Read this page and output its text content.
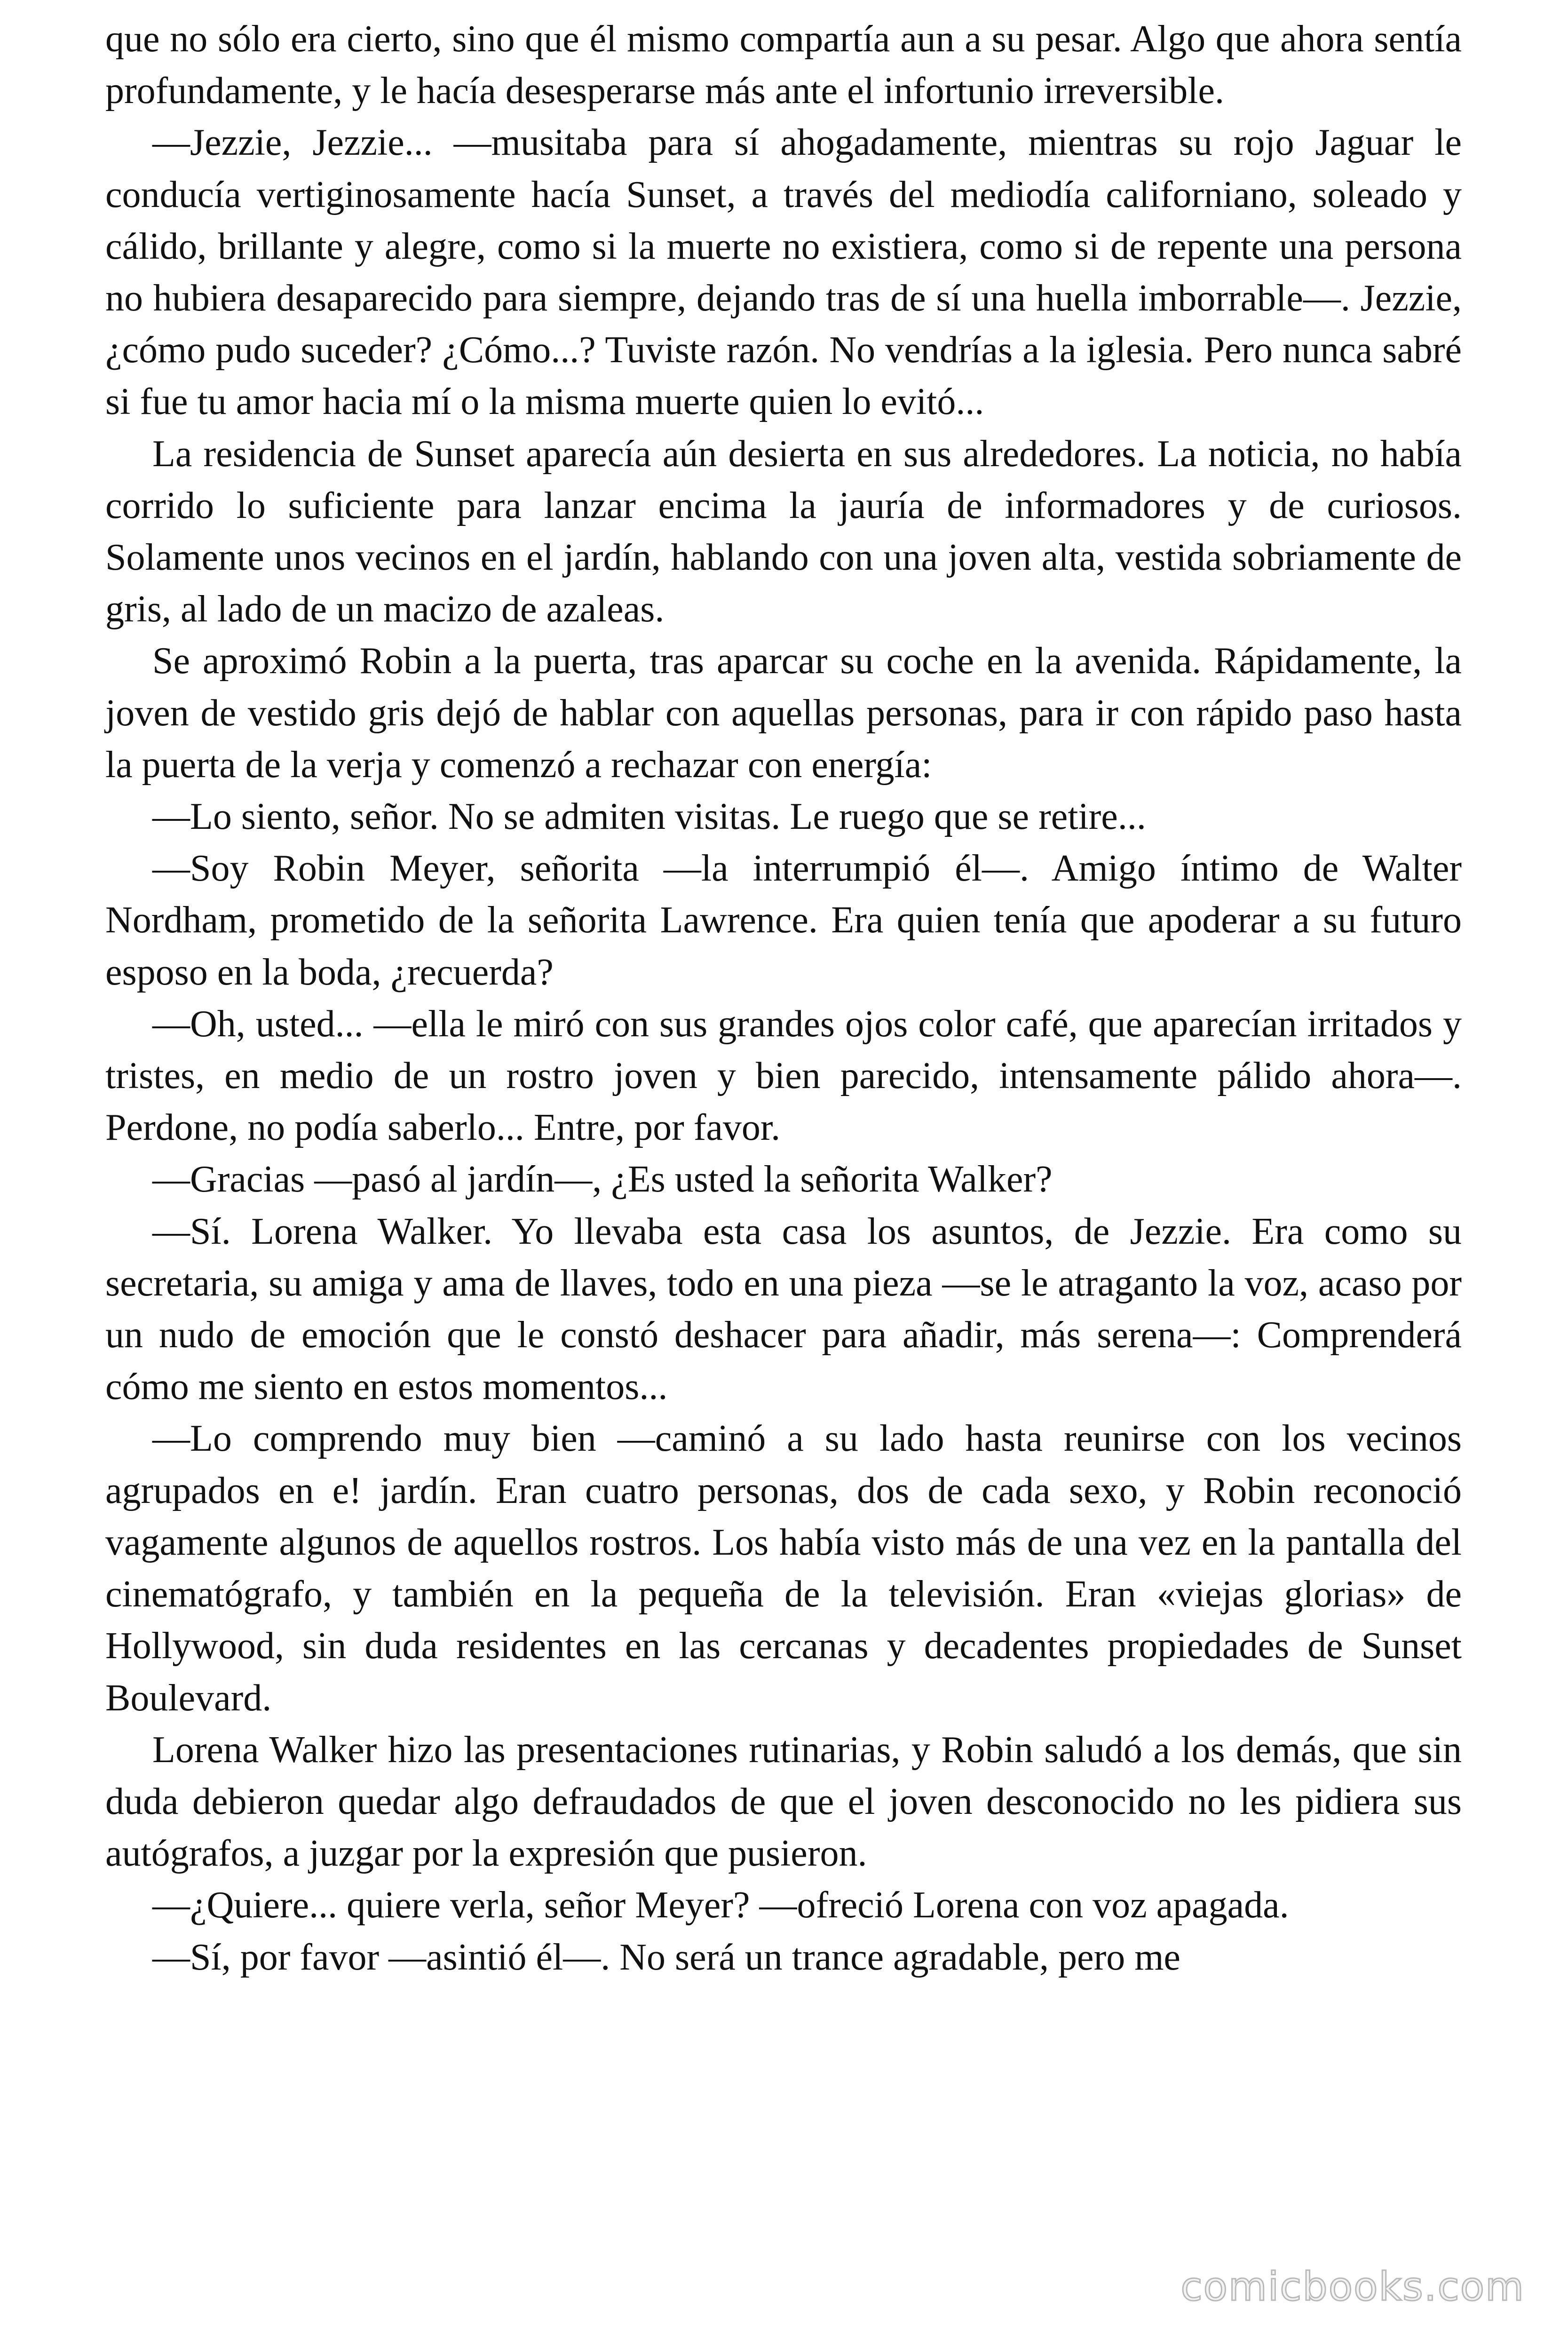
que no sólo era cierto, sino que él mismo compartía aun a su pesar. Algo que ahora sentía profundamente, y le hacía desesperarse más ante el infortunio irreversible.

—Jezzie, Jezzie... —musitaba para sí ahogadamente, mientras su rojo Jaguar le conducía vertiginosamente hacía Sunset, a través del mediodía californiano, soleado y cálido, brillante y alegre, como si la muerte no existiera, como si de repente una persona no hubiera desaparecido para siempre, dejando tras de sí una huella imborrable—. Jezzie, ¿cómo pudo suceder? ¿Cómo...? Tuviste razón. No vendrías a la iglesia. Pero nunca sabré si fue tu amor hacia mí o la misma muerte quien lo evitó...

La residencia de Sunset aparecía aún desierta en sus alrededores. La noticia, no había corrido lo suficiente para lanzar encima la jauría de informadores y de curiosos. Solamente unos vecinos en el jardín, hablando con una joven alta, vestida sobriamente de gris, al lado de un macizo de azaleas.

Se aproximó Robin a la puerta, tras aparcar su coche en la avenida. Rápidamente, la joven de vestido gris dejó de hablar con aquellas personas, para ir con rápido paso hasta la puerta de la verja y comenzó a rechazar con energía:

—Lo siento, señor. No se admiten visitas. Le ruego que se retire...

—Soy Robin Meyer, señorita —la interrumpió él—. Amigo íntimo de Walter Nordham, prometido de la señorita Lawrence. Era quien tenía que apoderar a su futuro esposo en la boda, ¿recuerda?

—Oh, usted... —ella le miró con sus grandes ojos color café, que aparecían irritados y tristes, en medio de un rostro joven y bien parecido, intensamente pálido ahora—. Perdone, no podía saberlo... Entre, por favor.

—Gracias —pasó al jardín—, ¿Es usted la señorita Walker?

—Sí. Lorena Walker. Yo llevaba esta casa los asuntos, de Jezzie. Era como su secretaria, su amiga y ama de llaves, todo en una pieza —se le atraganto la voz, acaso por un nudo de emoción que le constó deshacer para añadir, más serena—: Comprenderá cómo me siento en estos momentos...

—Lo comprendo muy bien —caminó a su lado hasta reunirse con los vecinos agrupados en e! jardín. Eran cuatro personas, dos de cada sexo, y Robin reconoció vagamente algunos de aquellos rostros. Los había visto más de una vez en la pantalla del cinematógrafo, y también en la pequeña de la televisión. Eran «viejas glorias» de Hollywood, sin duda residentes en las cercanas y decadentes propiedades de Sunset Boulevard.

Lorena Walker hizo las presentaciones rutinarias, y Robin saludó a los demás, que sin duda debieron quedar algo defraudados de que el joven desconocido no les pidiera sus autógrafos, a juzgar por la expresión que pusieron.

—¿Quiere... quiere verla, señor Meyer? —ofreció Lorena con voz apagada.

—Sí, por favor —asintió él—. No será un trance agradable, pero me

comicbooks.com
